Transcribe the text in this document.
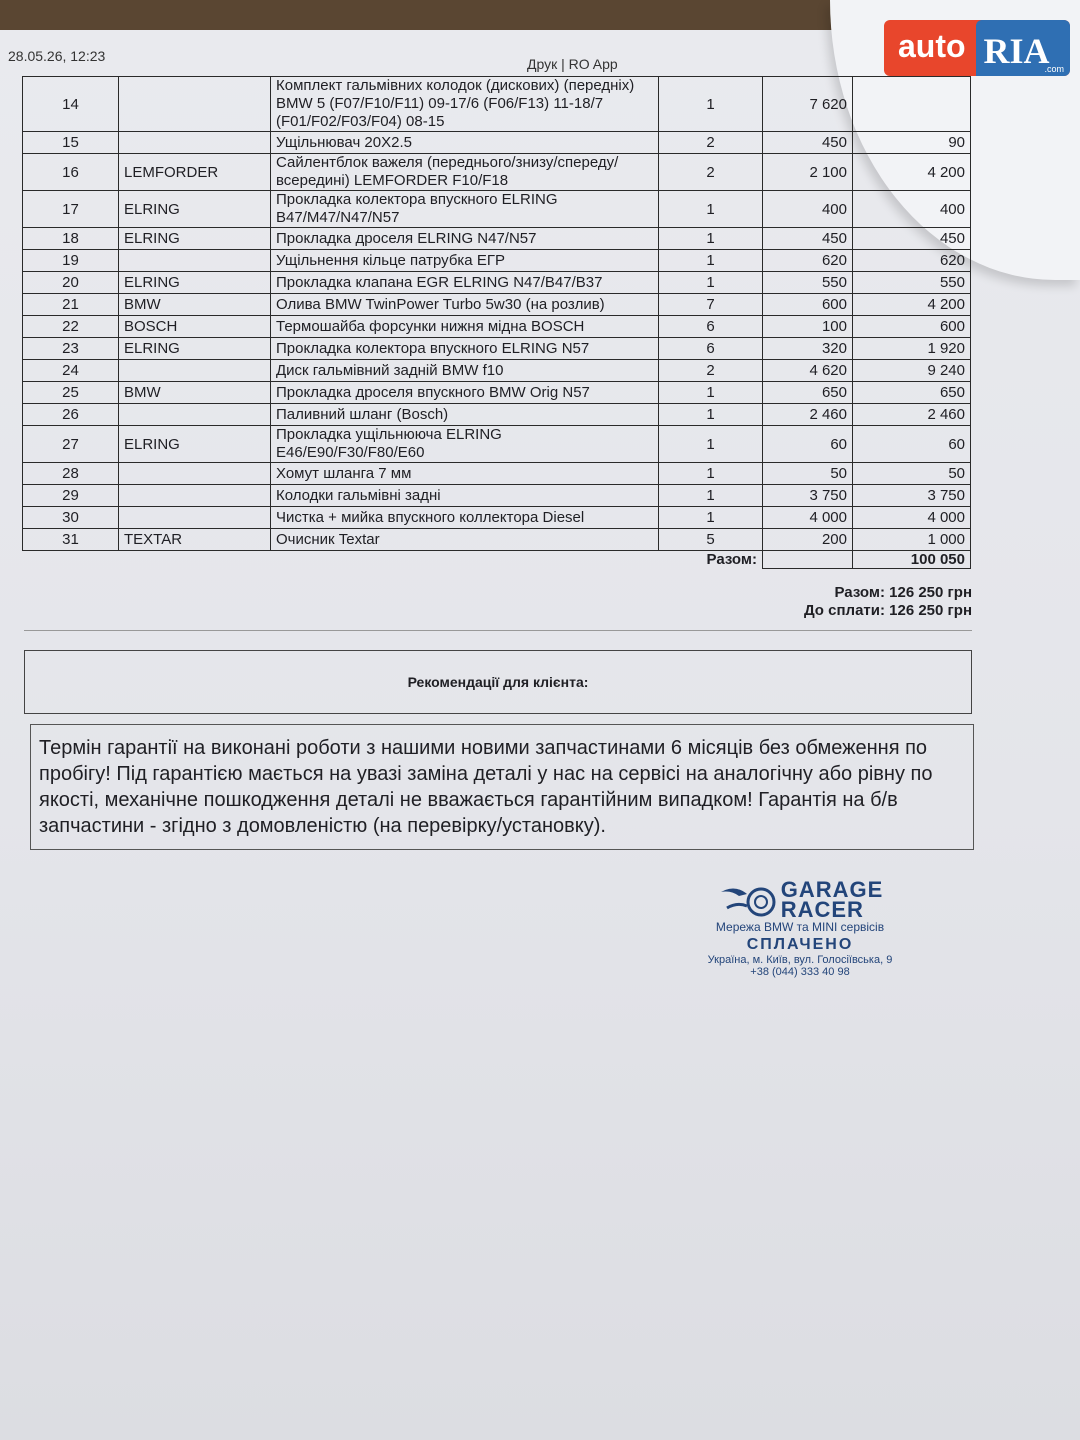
28.05.26, 12:23	Друк | RO App	auto RIA
.com
14		Комплект гальмівних колодок (дискових) (передніх) BMW 5 (F07/F10/F11) 09-17/6 (F06/F13) 11-18/7 (F01/F02/F03/F04) 08-15	1	7 620	
15		Ущільнювач 20X2.5	2	450	90
16	LEMFORDER	Сайлентблок важеля (переднього/знизу/спереду/всередині) LEMFORDER F10/F18	2	2 100	4 200
17	ELRING	Прокладка колектора впускного ELRING B47/M47/N47/N57	1	400	400
18	ELRING	Прокладка дроселя ELRING N47/N57	1	450	450
19		Ущільнення кільце патрубка ЕГР	1	620	620
20	ELRING	Прокладка клапана EGR ELRING N47/B47/B37	1	550	550
21	BMW	Олива BMW TwinPower Turbo 5w30 (на розлив)	7	600	4 200
22	BOSCH	Термошайба форсунки нижня мідна BOSCH	6	100	600
23	ELRING	Прокладка колектора впускного ELRING N57	6	320	1 920
24		Диск гальмівний задній BMW f10	2	4 620	9 240
25	BMW	Прокладка дроселя впускного BMW Orig N57	1	650	650
26		Паливний шланг (Bosch)	1	2 460	2 460
27	ELRING	Прокладка ущільнююча ELRING E46/E90/F30/F80/E60	1	60	60
28		Хомут шланга 7 мм	1	50	50
29		Колодки гальмівні задні	1	3 750	3 750
30		Чистка + мийка впускного коллектора Diesel	1	4 000	4 000
31	TEXTAR	Очисник Textar	5	200	1 000
			Разом:		100 050
Разом: 126 250 грн
До сплати: 126 250 грн
Рекомендації для клієнта:
Термін гарантії на виконані роботи з нашими новими запчастинами 6 місяців без обмеження по пробігу! Під гарантією мається на увазі заміна деталі у нас на сервісі на аналогічну або рівну по якості, механічне пошкодження деталі не вважається гарантійним випадком! Гарантія на б/в запчастини - згідно з домовленістю (на перевірку/установку).
GARAGE
RACER
Мережа BMW та MINI сервісів
СПЛАЧЕНО
Україна, м. Київ, вул. Голосіївська, 9
+38 (044) 333 40 98
